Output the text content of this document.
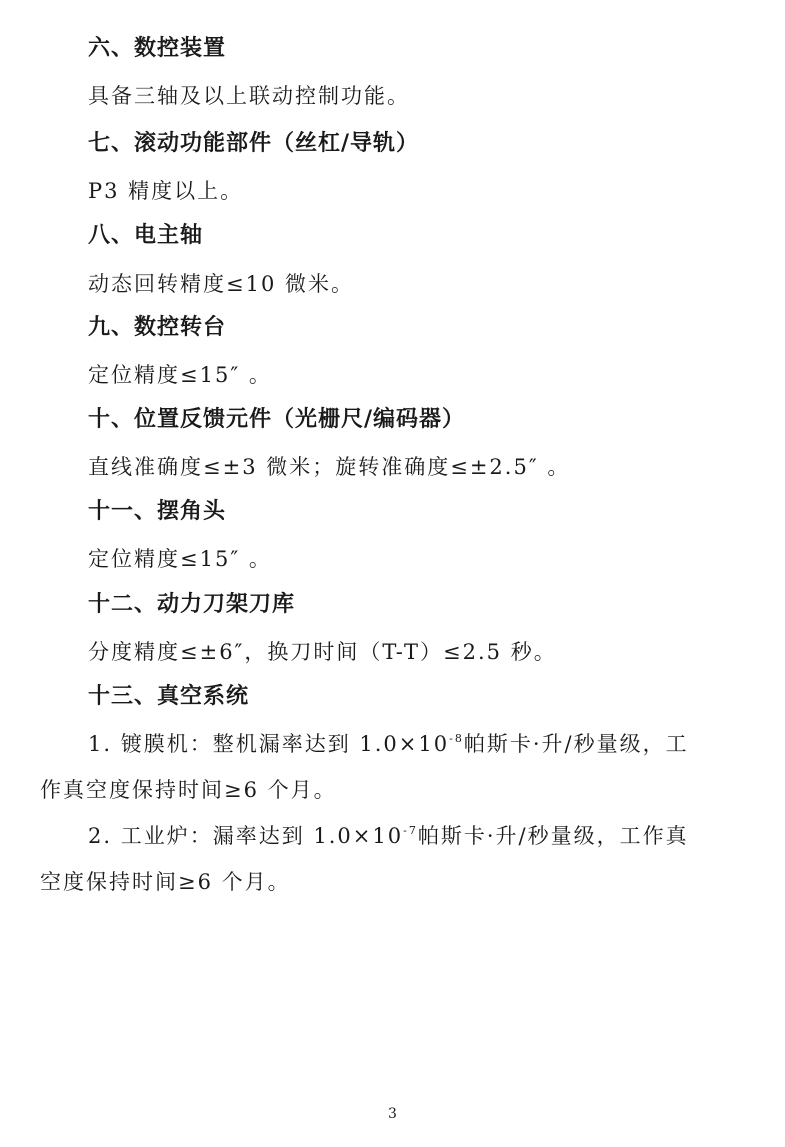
六、数控装置
具备三轴及以上联动控制功能。
七、滚动功能部件（丝杠/导轨）
P3 精度以上。
八、电主轴
动态回转精度≤10 微米。
九、数控转台
定位精度≤15″ 。
十、位置反馈元件（光栅尺/编码器）
直线准确度≤±3 微米；旋转准确度≤±2.5″ 。
十一、摆角头
定位精度≤15″ 。
十二、动力刀架刀库
分度精度≤±6″，换刀时间（T-T）≤2.5 秒。
十三、真空系统
1. 镀膜机：整机漏率达到 $1.0\times 10^{-8}$帕斯卡·升/秒量级，工
作真空度保持时间≥6 个月。
2. 工业炉：漏率达到 $1.0\times 10^{-7}$帕斯卡·升/秒量级，工作真
空度保持时间≥6 个月。
3
